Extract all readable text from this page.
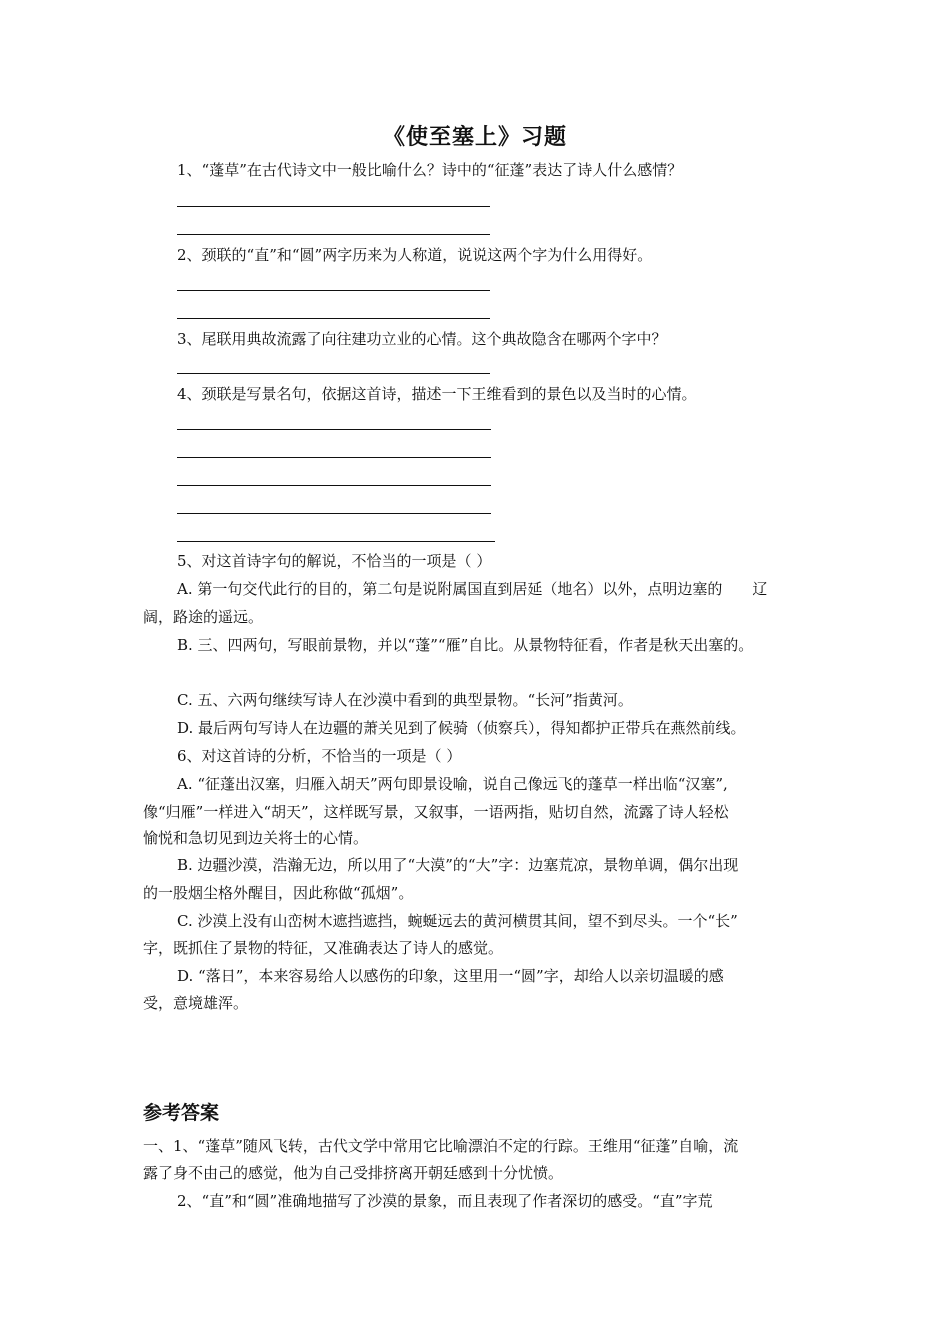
《使至塞上》习题
1、“蓬草”在古代诗文中一般比喻什么？诗中的“征蓬”表达了诗人什么感情？
2、颈联的“直”和“圆”两字历来为人称道，说说这两个字为什么用得好。
3、尾联用典故流露了向往建功立业的心情。这个典故隐含在哪两个字中？
4、颈联是写景名句，依据这首诗，描述一下王维看到的景色以及当时的心情。
5、对这首诗字句的解说，不恰当的一项是（ ）
A. 第一句交代此行的目的，第二句是说附属国直到居延（地名）以外，点明边塞的　　辽
阔，路途的遥远。
B. 三、四两句，写眼前景物，并以“蓬”“雁”自比。从景物特征看，作者是秋天出塞的。
C. 五、六两句继续写诗人在沙漠中看到的典型景物。“长河”指黄河。
D. 最后两句写诗人在边疆的萧关见到了候骑（侦察兵），得知都护正带兵在燕然前线。
6、对这首诗的分析，不恰当的一项是（ ）
A. “征蓬出汉塞，归雁入胡天”两句即景设喻，说自己像远飞的蓬草一样出临“汉塞”,
像“归雁”一样进入“胡天”，这样既写景，又叙事，一语两指，贴切自然，流露了诗人轻松
愉悦和急切见到边关将士的心情。
B. 边疆沙漠，浩瀚无边，所以用了“大漠”的“大”字：边塞荒凉，景物单调，偶尔出现
的一股烟尘格外醒目，因此称做“孤烟”。
C. 沙漠上没有山峦树木遮挡遮挡，蜿蜒远去的黄河横贯其间，望不到尽头。一个“长”
字，既抓住了景物的特征，又准确表达了诗人的感觉。
D. “落日”，本来容易给人以感伤的印象，这里用一“圆”字，却给人以亲切温暖的感
受，意境雄浑。
参考答案
一、1、“蓬草”随风飞转，古代文学中常用它比喻漂泊不定的行踪。王维用“征蓬”自喻，流
露了身不由己的感觉，他为自己受排挤离开朝廷感到十分忧愤。
2、“直”和“圆”准确地描写了沙漠的景象，而且表现了作者深切的感受。“直”字荒
